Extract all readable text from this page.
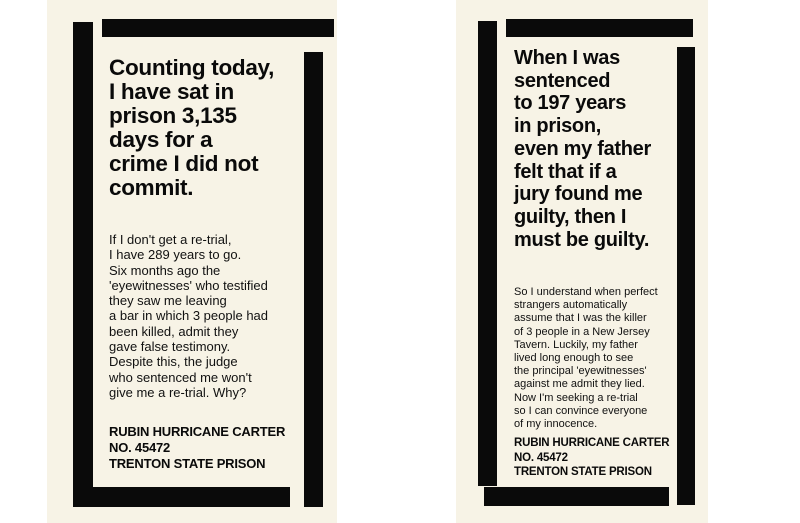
Counting today,
I have sat in
prison 3,135
days for a
crime I did not
commit.
If I don't get a re-trial,
I have 289 years to go.
Six months ago the
'eyewitnesses' who testified
they saw me leaving
a bar in which 3 people had
been killed, admit they
gave false testimony.
Despite this, the judge
who sentenced me won't
give me a re-trial. Why?
RUBIN HURRICANE CARTER
NO. 45472
TRENTON STATE PRISON
When I was
sentenced
to 197 years
in prison,
even my father
felt that if a
jury found me
guilty, then I
must be guilty.
So I understand when perfect
strangers automatically
assume that I was the killer
of 3 people in a New Jersey
Tavern. Luckily, my father
lived long enough to see
the principal 'eyewitnesses'
against me admit they lied.
Now I'm seeking a re-trial
so I can convince everyone
of my innocence.
RUBIN HURRICANE CARTER
NO. 45472
TRENTON STATE PRISON
